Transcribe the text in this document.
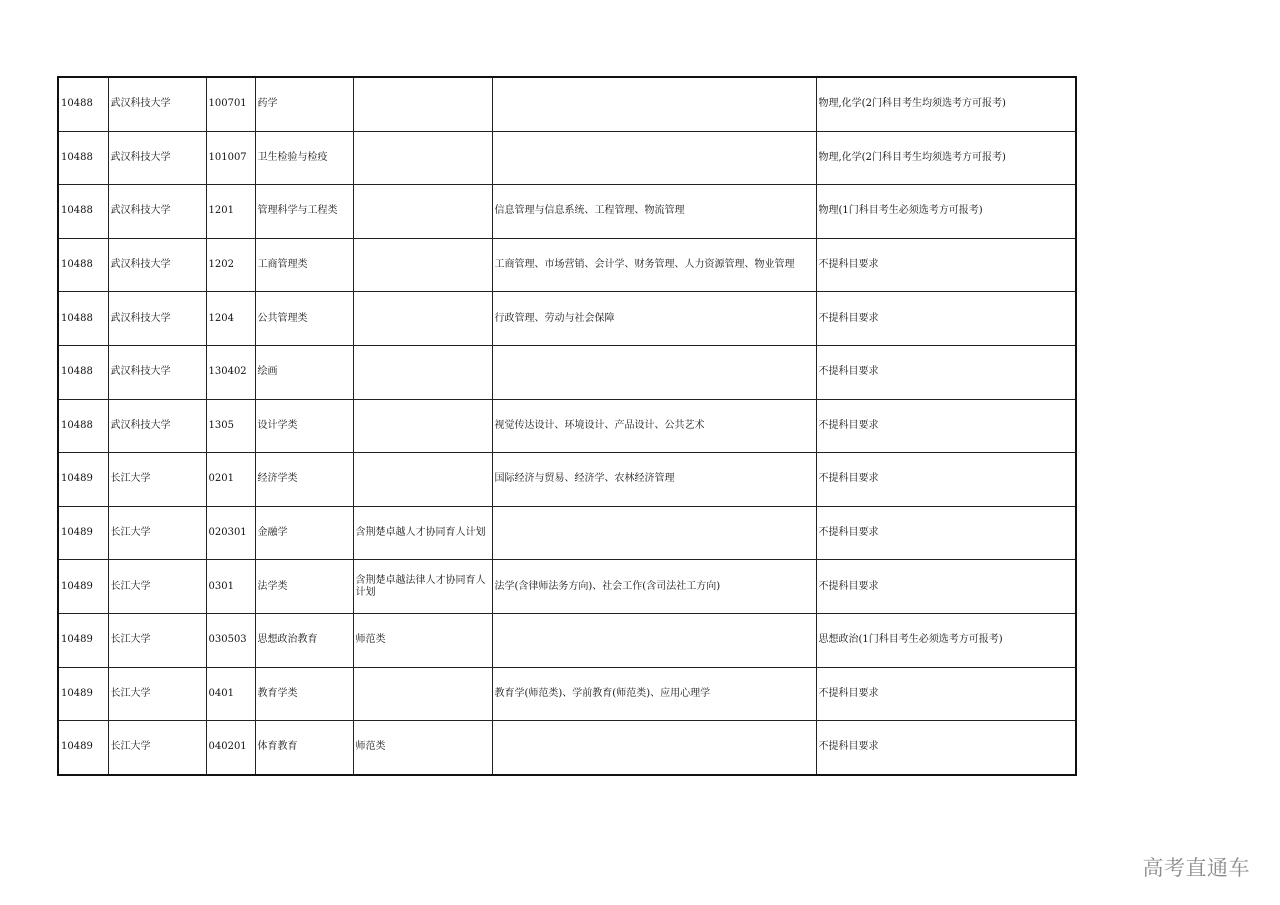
10488	武汉科技大学	100701	药学			物理,化学(2门科目考生均须选考方可报考)
10488	武汉科技大学	101007	卫生检验与检疫			物理,化学(2门科目考生均须选考方可报考)
10488	武汉科技大学	1201	管理科学与工程类		信息管理与信息系统、工程管理、物流管理	物理(1门科目考生必须选考方可报考)
10488	武汉科技大学	1202	工商管理类		工商管理、市场营销、会计学、财务管理、人力资源管理、物业管理	不提科目要求
10488	武汉科技大学	1204	公共管理类		行政管理、劳动与社会保障	不提科目要求
10488	武汉科技大学	130402	绘画			不提科目要求
10488	武汉科技大学	1305	设计学类		视觉传达设计、环境设计、产品设计、公共艺术	不提科目要求
10489	长江大学	0201	经济学类		国际经济与贸易、经济学、农林经济管理	不提科目要求
10489	长江大学	020301	金融学	含荆楚卓越人才协同育人计划		不提科目要求
10489	长江大学	0301	法学类	含荆楚卓越法律人才协同育人计划	法学(含律师法务方向)、社会工作(含司法社工方向)	不提科目要求
10489	长江大学	030503	思想政治教育	师范类		思想政治(1门科目考生必须选考方可报考)
10489	长江大学	0401	教育学类		教育学(师范类)、学前教育(师范类)、应用心理学	不提科目要求
10489	长江大学	040201	体育教育	师范类		不提科目要求
高考直通车
